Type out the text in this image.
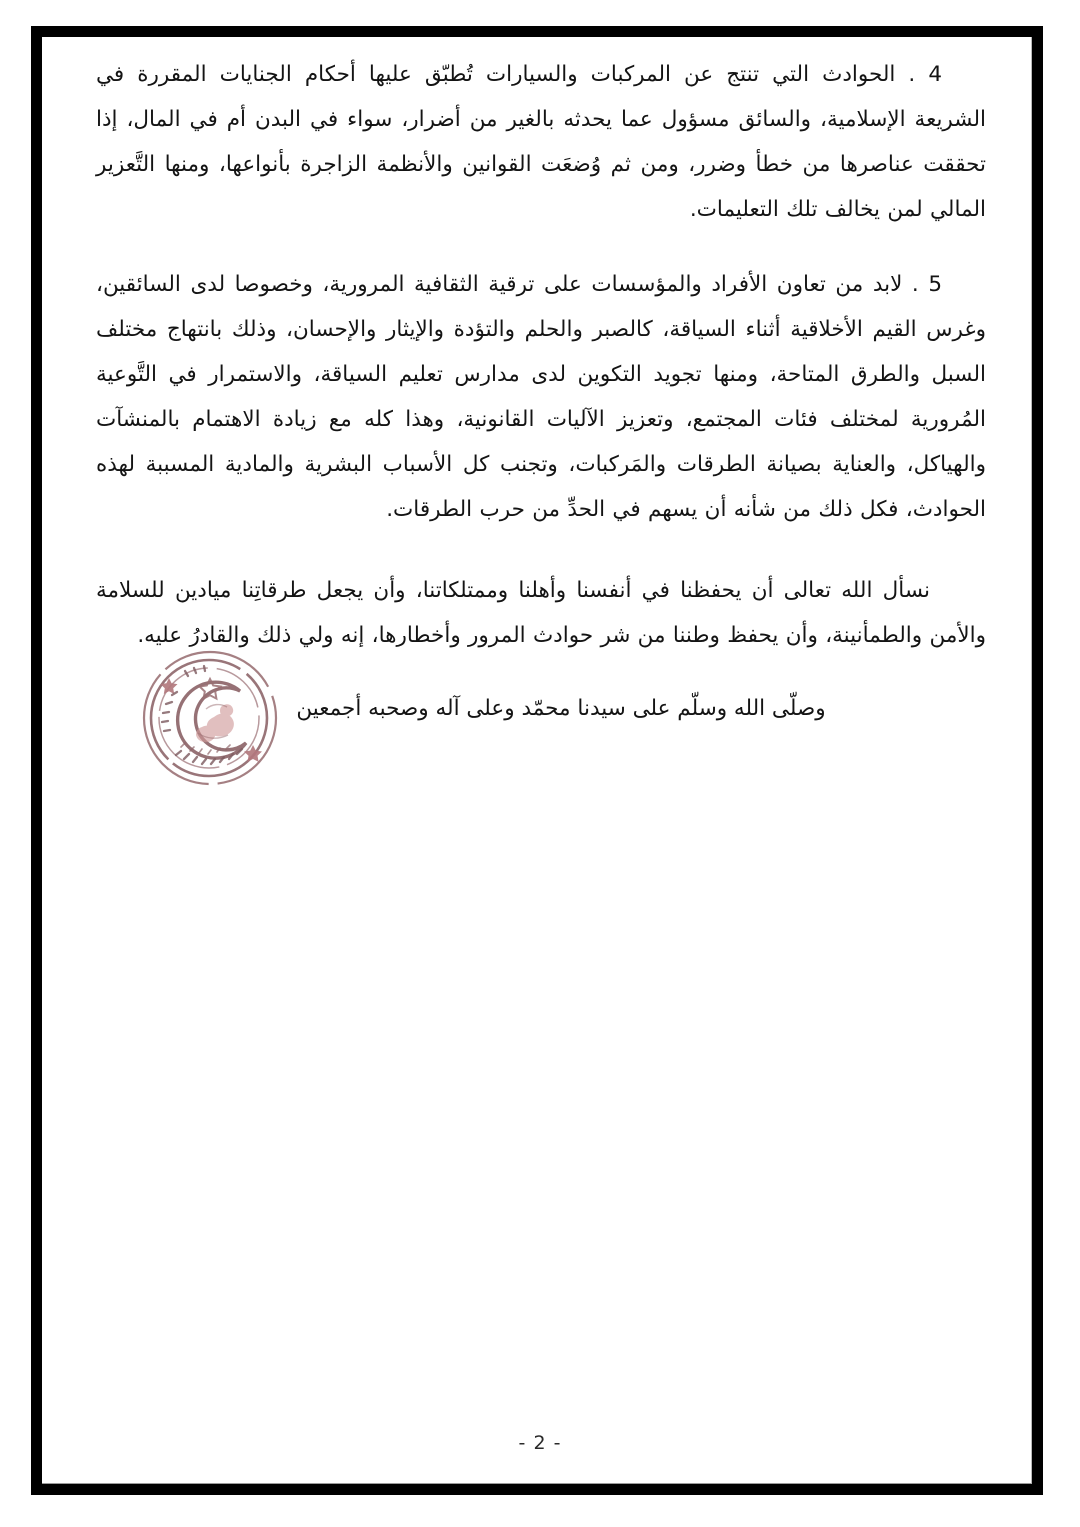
4 . الحوادث التي تنتج عن المركبات والسيارات تُطبّق عليها أحكام الجنايات المقررة في الشريعة الإسلامية، والسائق مسؤول عما يحدثه بالغير من أضرار، سواء في البدن أم في المال، إذا تحققت عناصرها من خطأ وضرر، ومن ثم وُضعَت القوانين والأنظمة الزاجرة بأنواعها، ومنها التَّعزير المالي لمن يخالف تلك التعليمات.

5 . لابد من تعاون الأفراد والمؤسسات على ترقية الثقافية المرورية، وخصوصا لدى السائقين، وغرس القيم الأخلاقية أثناء السياقة، كالصبر والحلم والتؤدة والإيثار والإحسان، وذلك بانتهاج مختلف السبل والطرق المتاحة، ومنها تجويد التكوين لدى مدارس تعليم السياقة، والاستمرار في التَّوعية المُرورية لمختلف فئات المجتمع، وتعزيز الآليات القانونية، وهذا كله مع زيادة الاهتمام بالمنشآت والهياكل، والعناية بصيانة الطرقات والمَركبات، وتجنب كل الأسباب البشرية والمادية المسببة لهذه الحوادث، فكل ذلك من شأنه أن يسهم في الحدِّ من حرب الطرقات.

نسأل الله تعالى أن يحفظنا في أنفسنا وأهلنا وممتلكاتنا، وأن يجعل طرقاتِنا ميادين للسلامة والأمن والطمأنينة، وأن يحفظ وطننا من شر حوادث المرور وأخطارها، إنه ولي ذلك والقادرُ عليه.

وصلّى الله وسلّم على سيدنا محمّد وعلى آله وصحبه أجمعين

- 2 -
